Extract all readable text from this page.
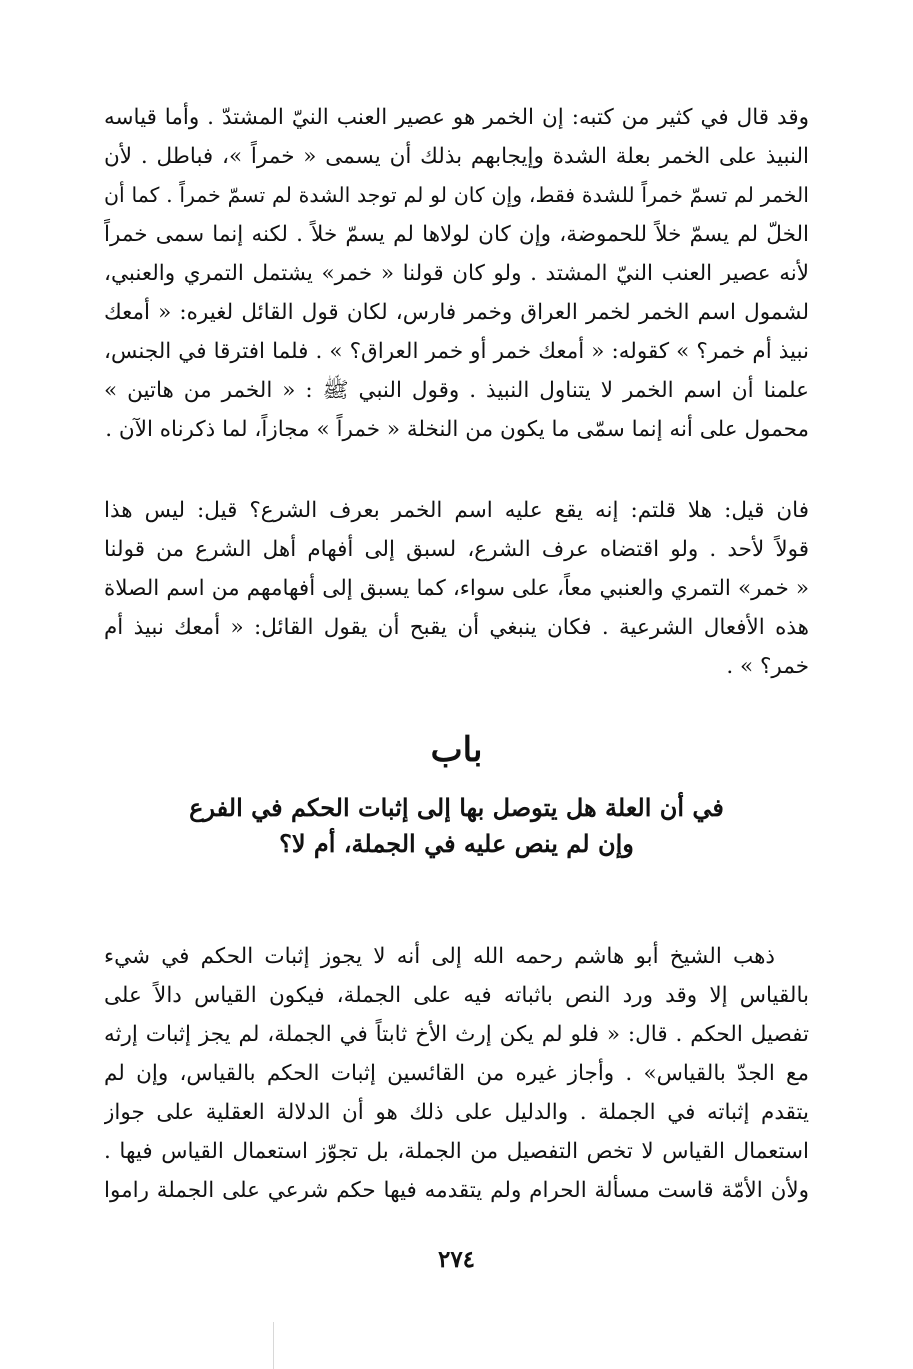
وقد قال في كثير من كتبه: إن الخمر هو عصير العنب النيّ المشتدّ . وأما قياسه
النبيذ على الخمر بعلة الشدة وإيجابهم بذلك أن يسمى « خمراً »، فباطل . لأن
الخمر لم تسمّ خمراً للشدة فقط، وإن كان لو لم توجد الشدة لم تسمّ خمراً . كما أن
الخلّ لم يسمّ خلاً للحموضة، وإن كان لولاها لم يسمّ خلاً . لكنه إنما سمى خمراً
لأنه عصير العنب النيّ المشتد . ولو كان قولنا « خمر» يشتمل التمري والعنبي،
لشمول اسم الخمر لخمر العراق وخمر فارس، لكان قول القائل لغيره: « أمعك
نبيذ أم خمر؟ » كقوله: « أمعك خمر أو خمر العراق؟ » . فلما افترقا في الجنس،
علمنا أن اسم الخمر لا يتناول النبيذ . وقول النبي ﷺ : « الخمر من هاتين »
محمول على أنه إنما سمّى ما يكون من النخلة « خمراً » مجازاً، لما ذكرناه الآن .
فان قيل: هلا قلتم: إنه يقع عليه اسم الخمر بعرف الشرع؟ قيل: ليس هذا
قولاً لأحد . ولو اقتضاه عرف الشرع، لسبق إلى أفهام أهل الشرع من قولنا
« خمر» التمري والعنبي معاً، على سواء، كما يسبق إلى أفهامهم من اسم الصلاة
هذه الأفعال الشرعية . فكان ينبغي أن يقبح أن يقول القائل: « أمعك نبيذ أم
خمر؟ » .
باب
في أن العلة هل يتوصل بها إلى إثبات الحكم في الفرع
وإن لم ينص عليه في الجملة، أم لا؟
ذهب الشيخ أبو هاشم رحمه الله إلى أنه لا يجوز إثبات الحكم في شيء
بالقياس إلا وقد ورد النص باثباته فيه على الجملة، فيكون القياس دالاً على
تفصيل الحكم . قال: « فلو لم يكن إرث الأخ ثابتاً في الجملة، لم يجز إثبات إرثه
مع الجدّ بالقياس» . وأجاز غيره من القائسين إثبات الحكم بالقياس، وإن لم
يتقدم إثباته في الجملة . والدليل على ذلك هو أن الدلالة العقلية على جواز
استعمال القياس لا تخص التفصيل من الجملة، بل تجوّز استعمال القياس فيها .
ولأن الأمّة قاست مسألة الحرام ولم يتقدمه فيها حكم شرعي على الجملة راموا
٢٧٤
